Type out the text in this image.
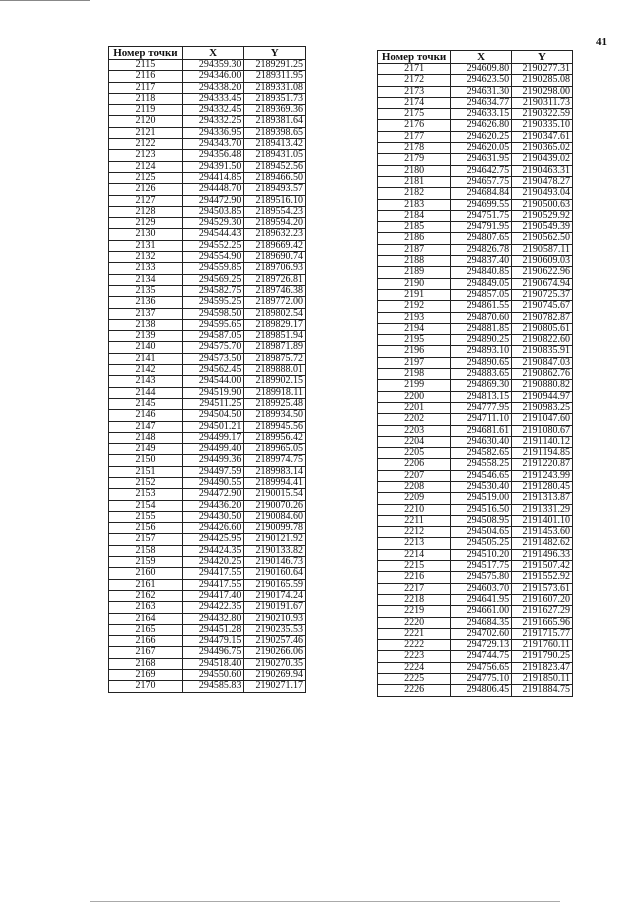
41
Номер точки	X	Y
2115	294359.30	2189291.25
2116	294346.00	2189311.95
2117	294338.20	2189331.08
2118	294333.45	2189351.73
2119	294332.45	2189369.36
2120	294332.25	2189381.64
2121	294336.95	2189398.65
2122	294343.70	2189413.42
2123	294356.48	2189431.05
2124	294391.50	2189452.56
2125	294414.85	2189466.50
2126	294448.70	2189493.57
2127	294472.90	2189516.10
2128	294503.85	2189554.23
2129	294529.30	2189594.20
2130	294544.43	2189632.23
2131	294552.25	2189669.42
2132	294554.90	2189690.74
2133	294559.85	2189706.93
2134	294569.25	2189726.81
2135	294582.75	2189746.38
2136	294595.25	2189772.00
2137	294598.50	2189802.54
2138	294595.65	2189829.17
2139	294587.05	2189851.94
2140	294575.70	2189871.89
2141	294573.50	2189875.72
2142	294562.45	2189888.01
2143	294544.00	2189902.15
2144	294519.90	2189918.11
2145	294511.25	2189925.48
2146	294504.50	2189934.50
2147	294501.21	2189945.56
2148	294499.17	2189956.42
2149	294499.40	2189965.05
2150	294499.36	2189974.75
2151	294497.59	2189983.14
2152	294490.55	2189994.41
2153	294472.90	2190015.54
2154	294436.20	2190070.26
2155	294430.50	2190084.60
2156	294426.60	2190099.78
2157	294425.95	2190121.92
2158	294424.35	2190133.82
2159	294420.25	2190146.73
2160	294417.55	2190160.64
2161	294417.55	2190165.59
2162	294417.40	2190174.24
2163	294422.35	2190191.67
2164	294432.80	2190210.93
2165	294451.28	2190235.53
2166	294479.15	2190257.46
2167	294496.75	2190266.06
2168	294518.40	2190270.35
2169	294550.60	2190269.94
2170	294585.83	2190271.17
Номер точки	X	Y
2171	294609.80	2190277.31
2172	294623.50	2190285.08
2173	294631.30	2190298.00
2174	294634.77	2190311.73
2175	294633.15	2190322.59
2176	294626.80	2190335.10
2177	294620.25	2190347.61
2178	294620.05	2190365.02
2179	294631.95	2190439.02
2180	294642.75	2190463.31
2181	294657.75	2190478.27
2182	294684.84	2190493.04
2183	294699.55	2190500.63
2184	294751.75	2190529.92
2185	294791.95	2190549.39
2186	294807.65	2190562.50
2187	294826.78	2190587.11
2188	294837.40	2190609.03
2189	294840.85	2190622.96
2190	294849.05	2190674.94
2191	294857.05	2190725.37
2192	294861.55	2190745.67
2193	294870.60	2190782.87
2194	294881.85	2190805.61
2195	294890.25	2190822.60
2196	294893.10	2190835.91
2197	294890.65	2190847.03
2198	294883.65	2190862.76
2199	294869.30	2190880.82
2200	294813.15	2190944.97
2201	294777.95	2190983.25
2202	294711.10	2191047.60
2203	294681.61	2191080.67
2204	294630.40	2191140.12
2205	294582.65	2191194.85
2206	294558.25	2191220.87
2207	294546.65	2191243.99
2208	294530.40	2191280.45
2209	294519.00	2191313.87
2210	294516.50	2191331.29
2211	294508.95	2191401.10
2212	294504.65	2191453.60
2213	294505.25	2191482.62
2214	294510.20	2191496.33
2215	294517.75	2191507.42
2216	294575.80	2191552.92
2217	294603.70	2191573.61
2218	294641.95	2191607.20
2219	294661.00	2191627.29
2220	294684.35	2191665.96
2221	294702.60	2191715.77
2222	294729.13	2191760.11
2223	294744.75	2191790.25
2224	294756.65	2191823.47
2225	294775.10	2191850.11
2226	294806.45	2191884.75
